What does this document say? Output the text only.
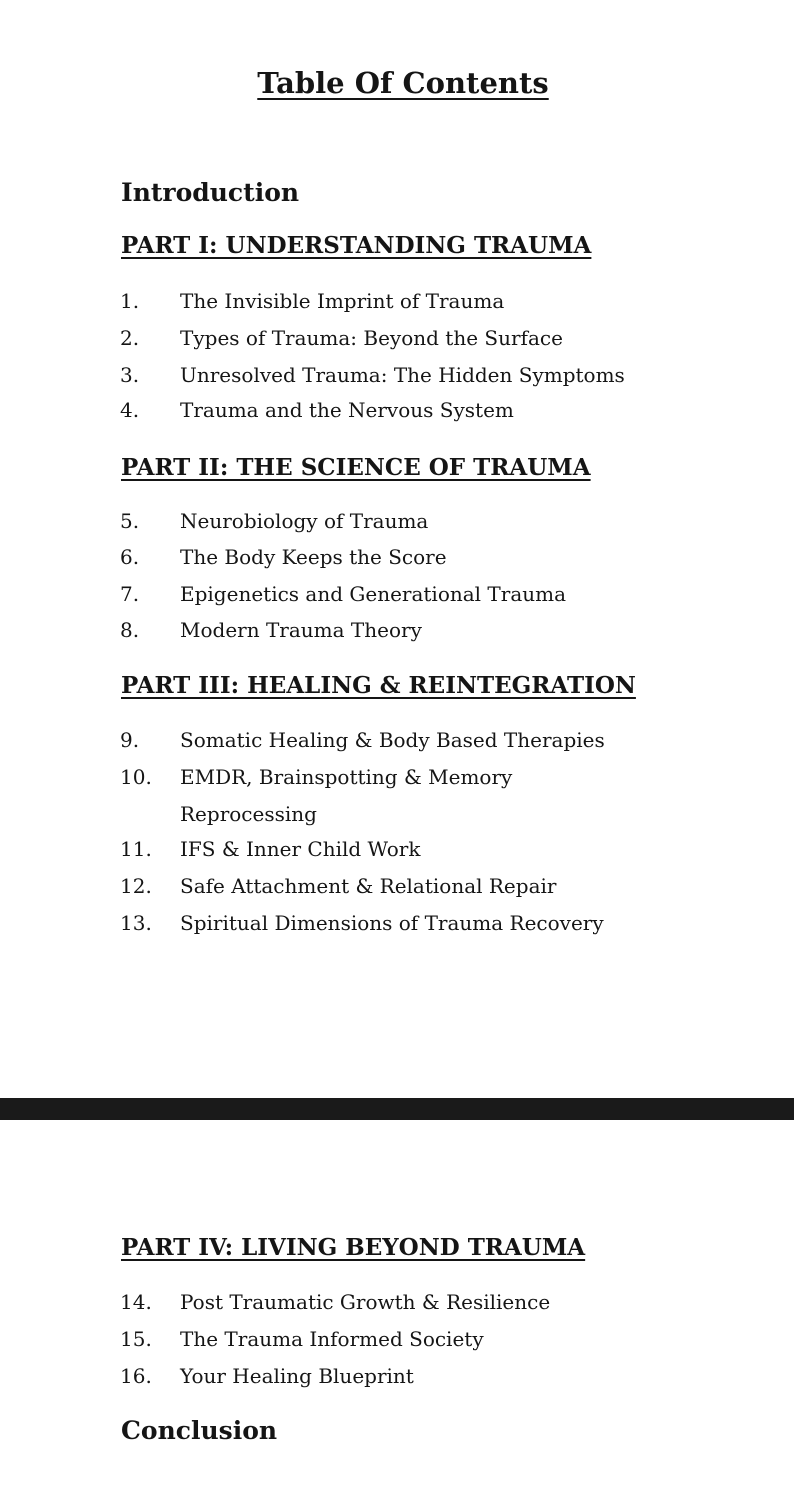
Table Of Contents
Introduction
PART I: UNDERSTANDING TRAUMA
1. The Invisible Imprint of Trauma
2. Types of Trauma: Beyond the Surface
3. Unresolved Trauma: The Hidden Symptoms
4. Trauma and the Nervous System
PART II: THE SCIENCE OF TRAUMA
5. Neurobiology of Trauma
6. The Body Keeps the Score
7. Epigenetics and Generational Trauma
8. Modern Trauma Theory
PART III: HEALING & REINTEGRATION
9. Somatic Healing & Body Based Therapies
10. EMDR, Brainspotting & Memory Reprocessing
11. IFS & Inner Child Work
12. Safe Attachment & Relational Repair
13. Spiritual Dimensions of Trauma Recovery
PART IV: LIVING BEYOND TRAUMA
14. Post Traumatic Growth & Resilience
15. The Trauma Informed Society
16. Your Healing Blueprint
Conclusion
